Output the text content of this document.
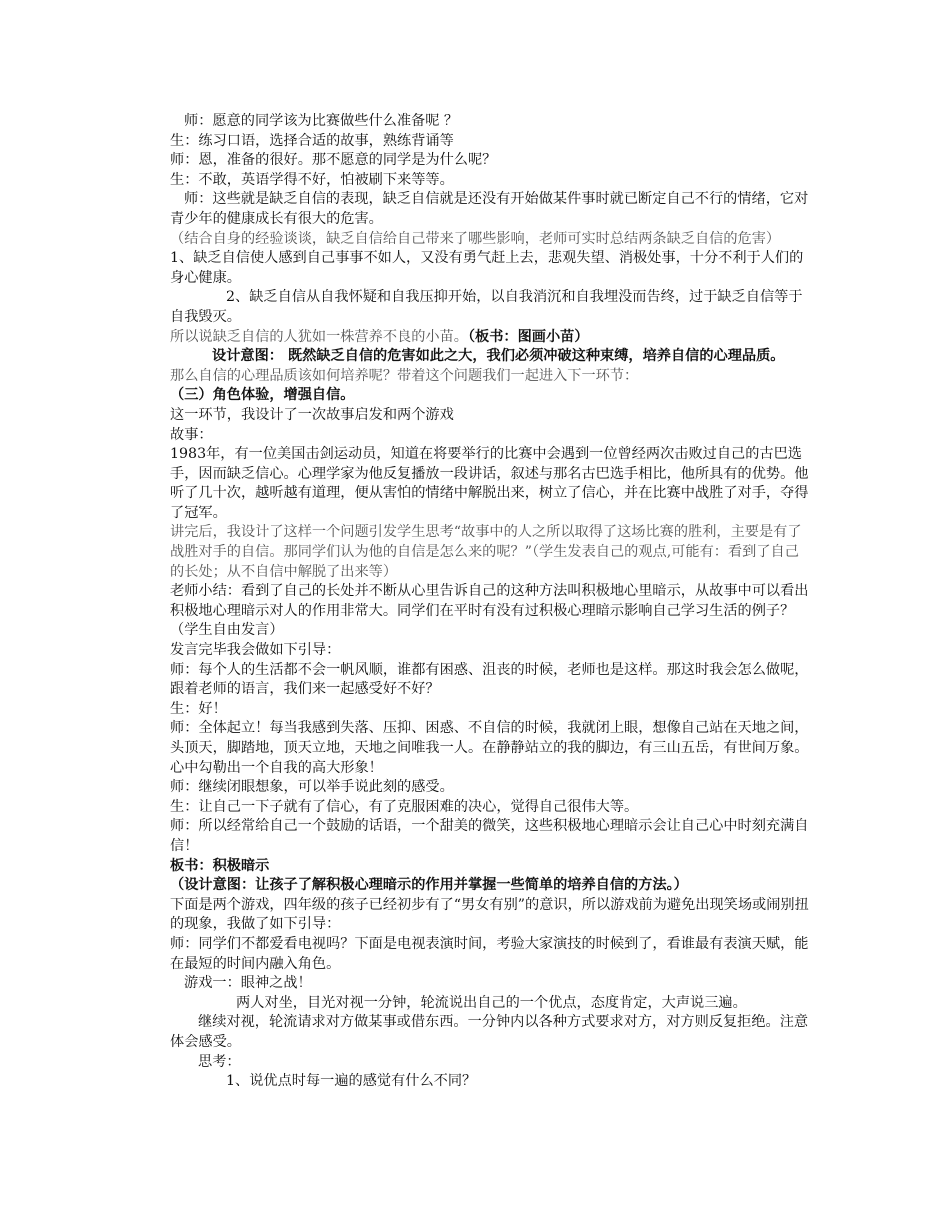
师：愿意的同学该为比赛做些什么准备呢 ？

生：练习口语，选择合适的故事，熟练背诵等

师：恩，准备的很好。那不愿意的同学是为什么呢？

生：不敢，英语学得不好，怕被刷下来等等。

师：这些就是缺乏自信的表现，缺乏自信就是还没有开始做某件事时就已断定自己不行的情绪，它对青少年的健康成长有很大的危害。

（结合自身的经验谈谈，缺乏自信给自己带来了哪些影响，老师可实时总结两条缺乏自信的危害）

1、缺乏自信使人感到自己事事不如人，又没有勇气赶上去，悲观失望、消极处事，十分不利于人们的身心健康。

2、缺乏自信从自我怀疑和自我压抑开始，以自我消沉和自我埋没而告终，过于缺乏自信等于自我毁灭。

所以说缺乏自信的人犹如一株营养不良的小苗。（板书：图画小苗）

设计意图： 既然缺乏自信的危害如此之大，我们必须冲破这种束缚，培养自信的心理品质。

那么自信的心理品质该如何培养呢？带着这个问题我们一起进入下一环节：

（三）角色体验，增强自信。

这一环节，我设计了一次故事启发和两个游戏

故事：

1983年，有一位美国击剑运动员，知道在将要举行的比赛中会遇到一位曾经两次击败过自己的古巴选手，因而缺乏信心。心理学家为他反复播放一段讲话，叙述与那名古巴选手相比，他所具有的优势。他听了几十次，越听越有道理，便从害怕的情绪中解脱出来，树立了信心，并在比赛中战胜了对手，夺得了冠军。

讲完后，我设计了这样一个问题引发学生思考“故事中的人之所以取得了这场比赛的胜利，主要是有了战胜对手的自信。那同学们认为他的自信是怎么来的呢？”（学生发表自己的观点,可能有：看到了自己的长处；从不自信中解脱了出来等）

老师小结：看到了自己的长处并不断从心里告诉自己的这种方法叫积极地心里暗示，从故事中可以看出积极地心理暗示对人的作用非常大。同学们在平时有没有过积极心理暗示影响自己学习生活的例子？（学生自由发言）

发言完毕我会做如下引导：

师：每个人的生活都不会一帆风顺，谁都有困惑、沮丧的时候，老师也是这样。那这时我会怎么做呢，跟着老师的语言，我们来一起感受好不好？

生：好！

师：全体起立！每当我感到失落、压抑、困惑、不自信的时候，我就闭上眼，想像自己站在天地之间，头顶天，脚踏地，顶天立地，天地之间唯我一人。在静静站立的我的脚边，有三山五岳，有世间万象。心中勾勒出一个自我的高大形象！

师：继续闭眼想象，可以举手说此刻的感受。

生：让自己一下子就有了信心，有了克服困难的决心，觉得自己很伟大等。

师：所以经常给自己一个鼓励的话语，一个甜美的微笑，这些积极地心理暗示会让自己心中时刻充满自信！

板书：积极暗示

（设计意图：让孩子了解积极心理暗示的作用并掌握一些简单的培养自信的方法。）

下面是两个游戏，四年级的孩子已经初步有了“男女有别”的意识，所以游戏前为避免出现笑场或闹别扭的现象，我做了如下引导：

师：同学们不都爱看电视吗？下面是电视表演时间，考验大家演技的时候到了，看谁最有表演天赋，能在最短的时间内融入角色。

游戏一：眼神之战！

两人对坐，目光对视一分钟，轮流说出自己的一个优点，态度肯定，大声说三遍。

继续对视，轮流请求对方做某事或借东西。一分钟内以各种方式要求对方，对方则反复拒绝。注意体会感受。

思考：

1、说优点时每一遍的感觉有什么不同？
